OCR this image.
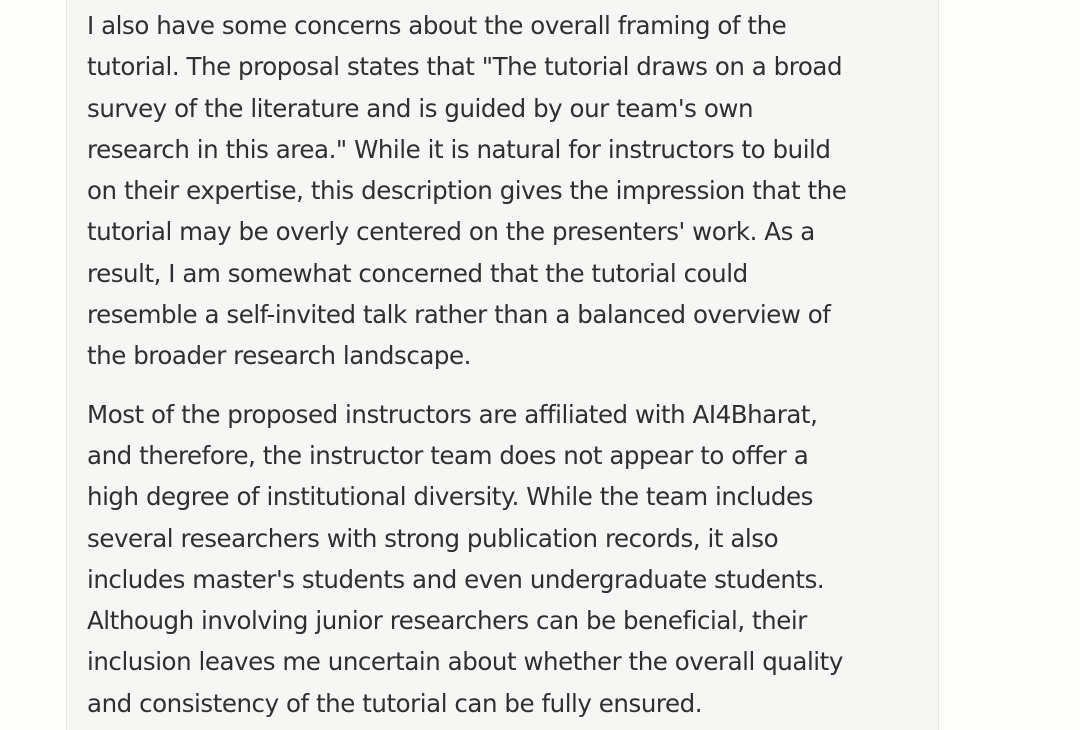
I also have some concerns about the overall framing of the
tutorial. The proposal states that "The tutorial draws on a broad
survey of the literature and is guided by our team's own
research in this area." While it is natural for instructors to build
on their expertise, this description gives the impression that the
tutorial may be overly centered on the presenters' work. As a
result, I am somewhat concerned that the tutorial could
resemble a self-invited talk rather than a balanced overview of
the broader research landscape.

Most of the proposed instructors are affiliated with AI4Bharat,
and therefore, the instructor team does not appear to offer a
high degree of institutional diversity. While the team includes
several researchers with strong publication records, it also
includes master's students and even undergraduate students.
Although involving junior researchers can be beneficial, their
inclusion leaves me uncertain about whether the overall quality
and consistency of the tutorial can be fully ensured.
